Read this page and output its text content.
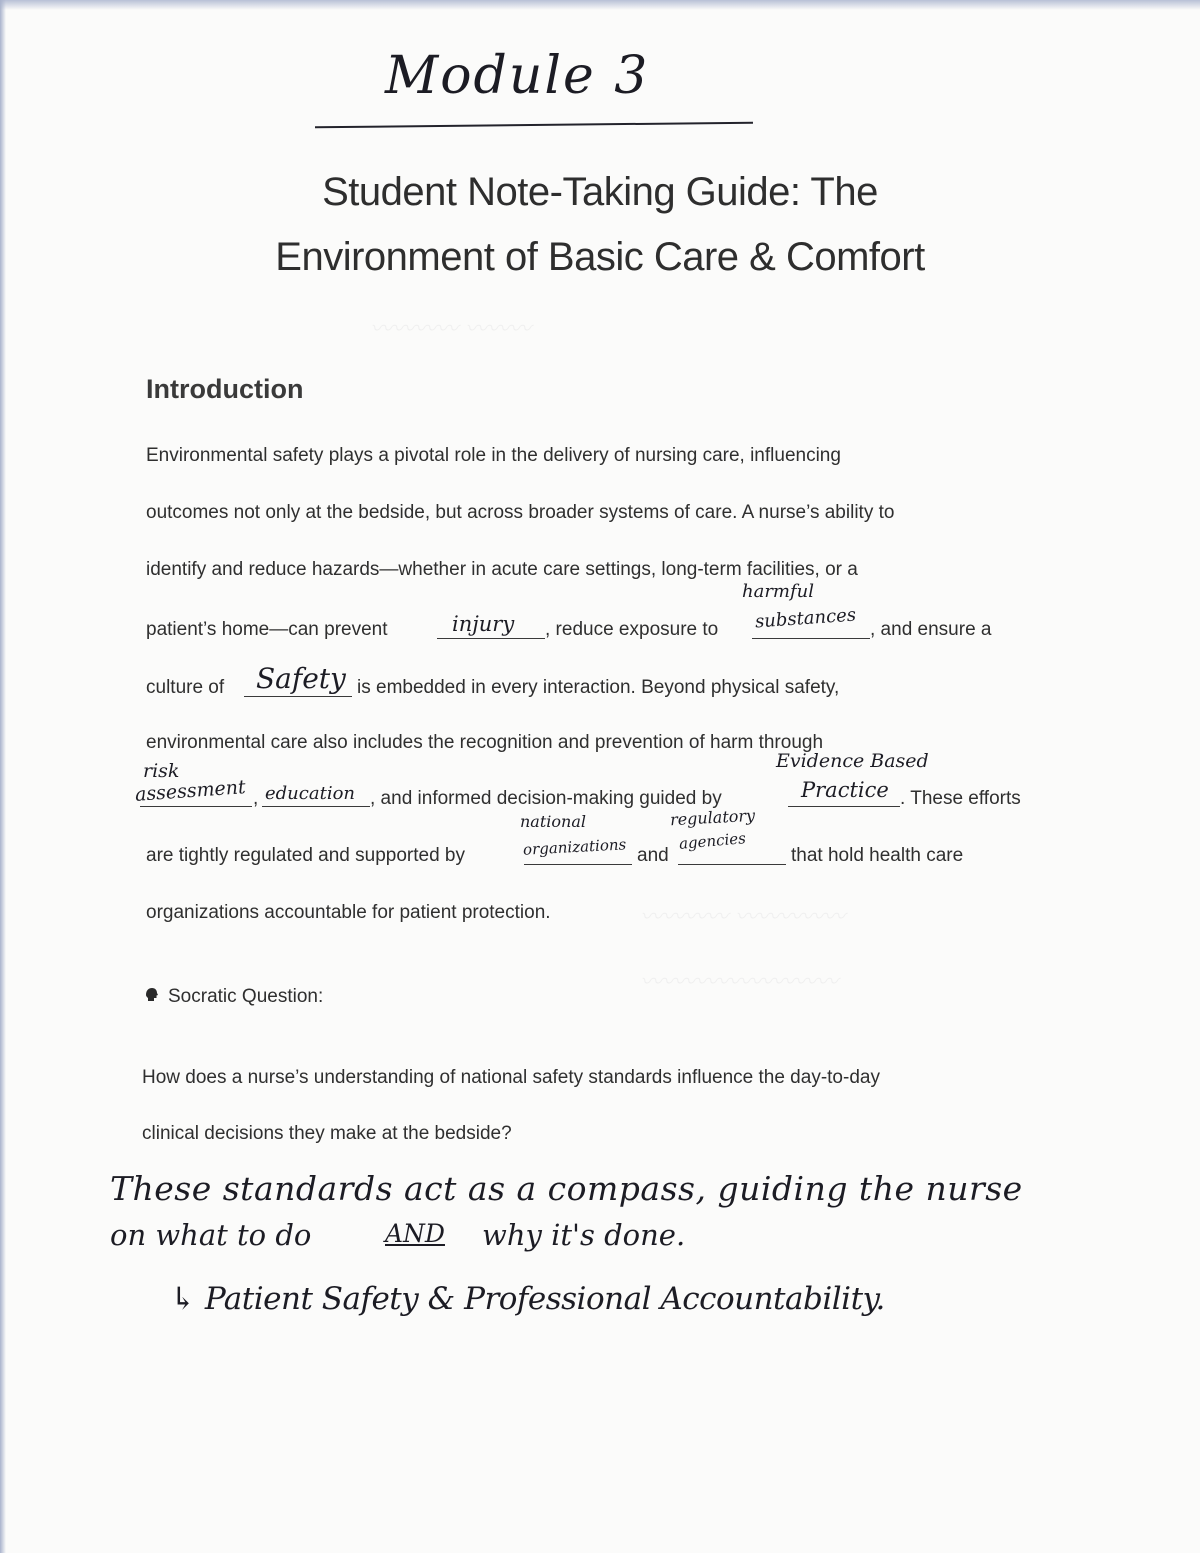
〰〰〰〰 〰〰〰
〰〰〰〰 〰〰〰〰〰
〰〰〰〰〰〰〰〰〰
Module 3
Student Note-Taking Guide: The
Environment of Basic Care & Comfort
Introduction
Environmental safety plays a pivotal role in the delivery of nursing care, influencing
outcomes not only at the bedside, but across broader systems of care. A nurse’s ability to
identify and reduce hazards—whether in acute care settings, long-term facilities, or a
patient’s home—can prevent	injury , reduce exposure to
harmful
substances , and ensure a
culture of Safety is embedded in every interaction. Beyond physical safety,
environmental care also includes the recognition and prevention of harm through
risk
assessment , education , and informed decision-making guided by
Evidence Based
Practice . These efforts
are tightly regulated and supported by
national
organizations and
regulatory
agencies
that hold health care
organizations accountable for patient protection.
Socratic Question:
How does a nurse’s understanding of national safety standards influence the day-to-day
clinical decisions they make at the bedside?
These standards act as a compass, guiding the nurse
on what to do	AND why it's done.
↳ Patient Safety & Professional Accountability.
